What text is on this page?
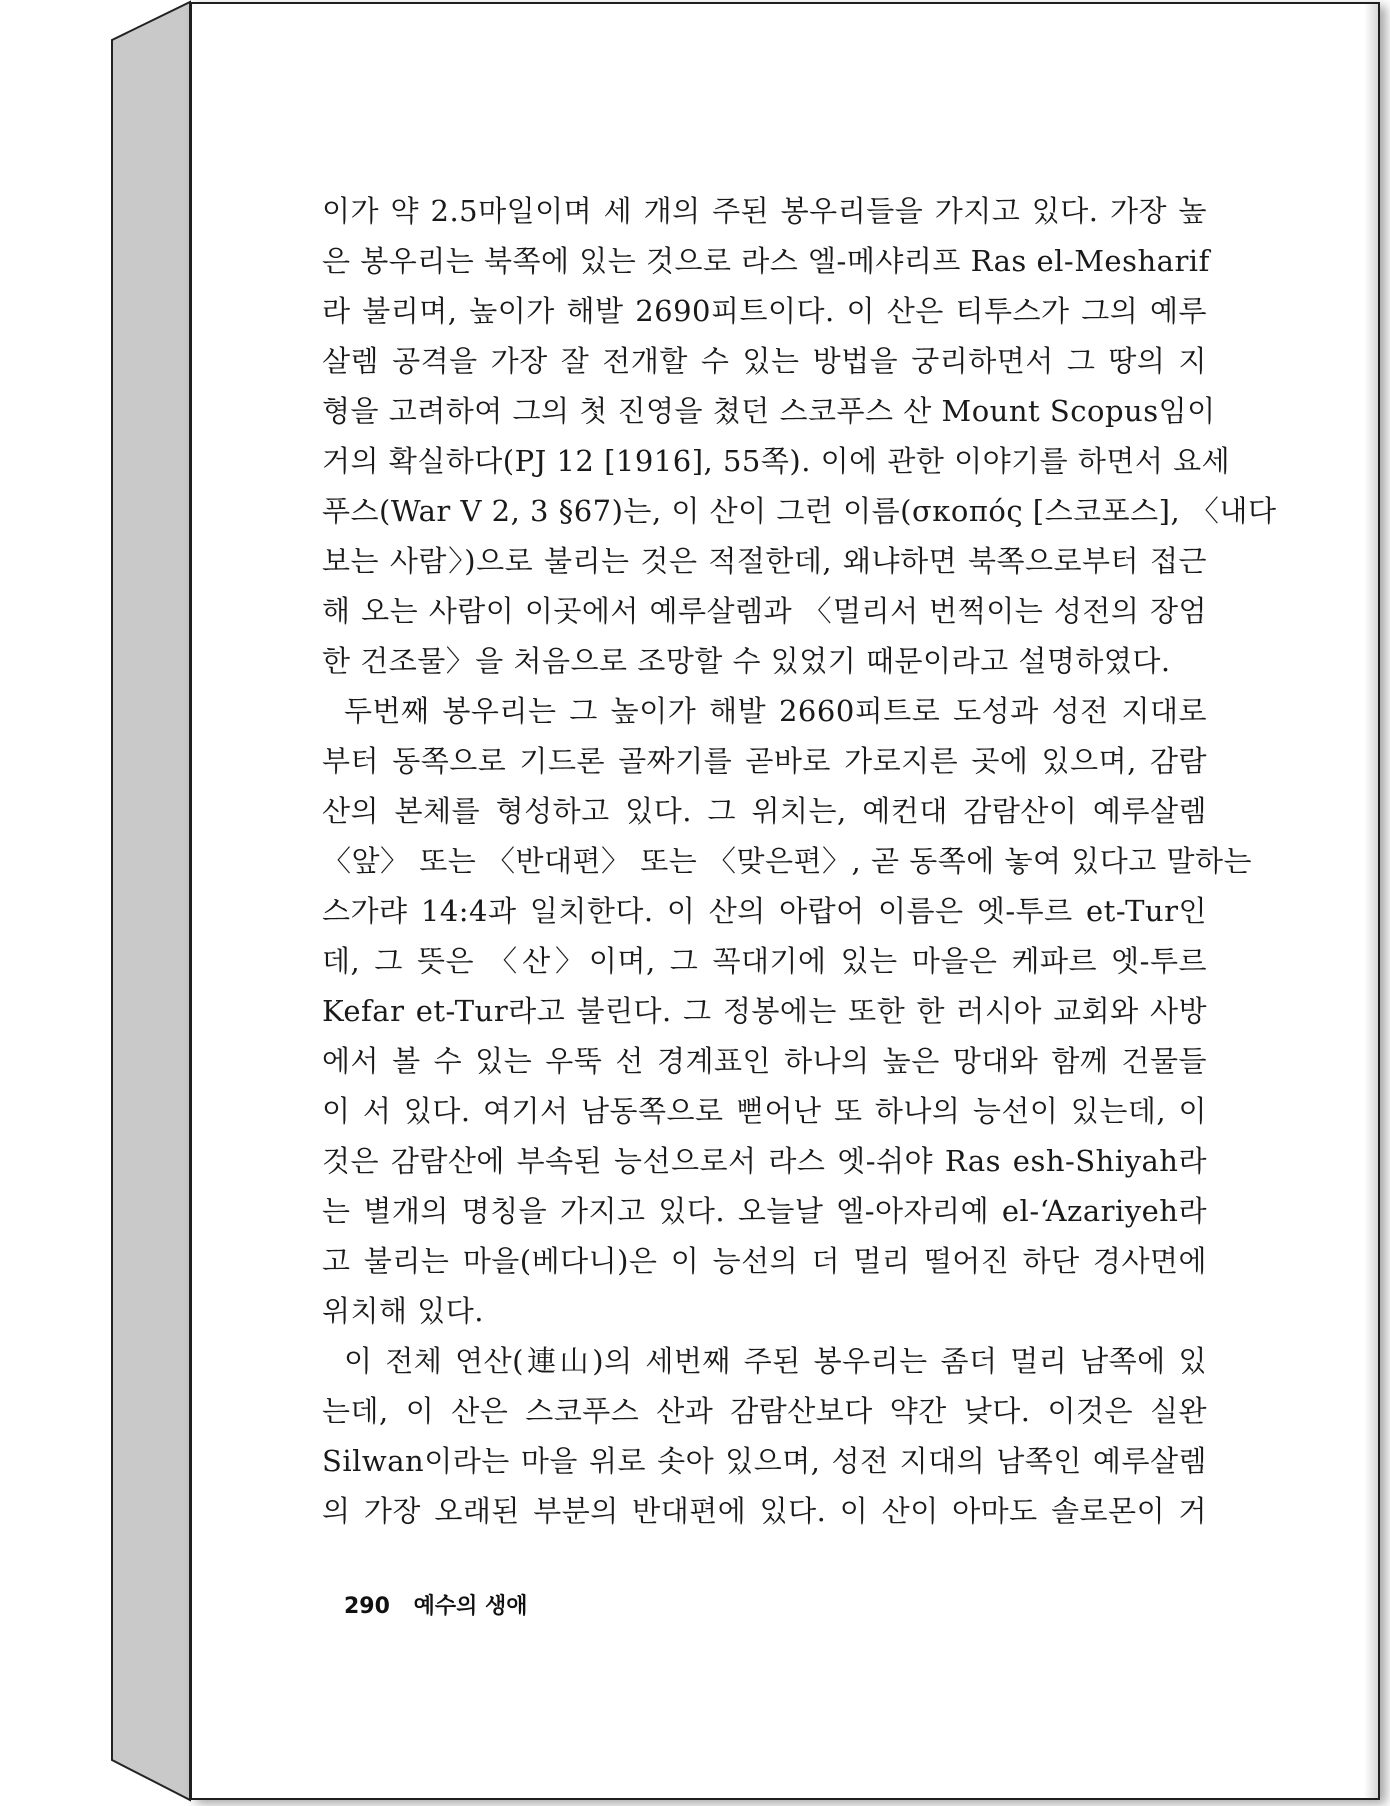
이가 약 2.5마일이며 세 개의 주된 봉우리들을 가지고 있다. 가장 높
은 봉우리는 북쪽에 있는 것으로 라스 엘-메샤리프 Ras el-Mesharif
라 불리며, 높이가 해발 2690피트이다. 이 산은 티투스가 그의 예루
살렘 공격을 가장 잘 전개할 수 있는 방법을 궁리하면서 그 땅의 지
형을 고려하여 그의 첫 진영을 쳤던 스코푸스 산 Mount Scopus임이
거의 확실하다(PJ 12 [1916], 55쪽). 이에 관한 이야기를 하면서 요세
푸스(War V 2, 3 §67)는, 이 산이 그런 이름(σκοπός [스코포스], 〈내다
보는 사람〉)으로 불리는 것은 적절한데, 왜냐하면 북쪽으로부터 접근
해 오는 사람이 이곳에서 예루살렘과 〈멀리서 번쩍이는 성전의 장엄
한 건조물〉을 처음으로 조망할 수 있었기 때문이라고 설명하였다.
두번째 봉우리는 그 높이가 해발 2660피트로 도성과 성전 지대로
부터 동쪽으로 기드론 골짜기를 곧바로 가로지른 곳에 있으며, 감람
산의 본체를 형성하고 있다. 그 위치는, 예컨대 감람산이 예루살렘
〈앞〉 또는 〈반대편〉 또는 〈맞은편〉, 곧 동쪽에 놓여 있다고 말하는
스가랴 14:4과 일치한다. 이 산의 아랍어 이름은 엣-투르 et-Tur인
데, 그 뜻은 〈산〉이며, 그 꼭대기에 있는 마을은 케파르 엣-투르
Kefar et-Tur라고 불린다. 그 정봉에는 또한 한 러시아 교회와 사방
에서 볼 수 있는 우뚝 선 경계표인 하나의 높은 망대와 함께 건물들
이 서 있다. 여기서 남동쪽으로 뻗어난 또 하나의 능선이 있는데, 이
것은 감람산에 부속된 능선으로서 라스 엣-쉬야 Ras esh-Shiyah라
는 별개의 명칭을 가지고 있다. 오늘날 엘-아자리예 el-‘Azariyeh라
고 불리는 마을(베다니)은 이 능선의 더 멀리 떨어진 하단 경사면에
위치해 있다.
이 전체 연산(連山)의 세번째 주된 봉우리는 좀더 멀리 남쪽에 있
는데, 이 산은 스코푸스 산과 감람산보다 약간 낮다. 이것은 실완
Silwan이라는 마을 위로 솟아 있으며, 성전 지대의 남쪽인 예루살렘
의 가장 오래된 부분의 반대편에 있다. 이 산이 아마도 솔로몬이 거
290 예수의 생애
